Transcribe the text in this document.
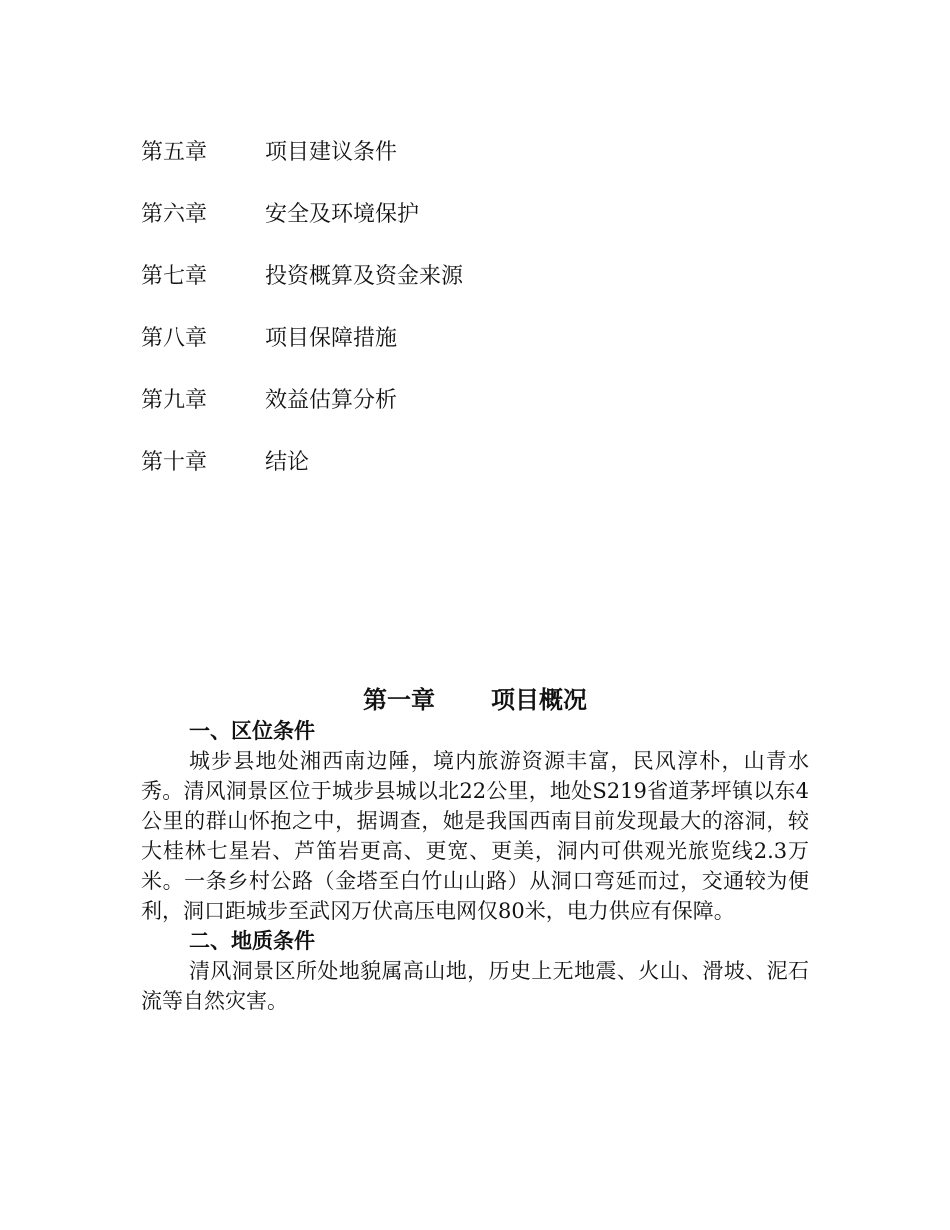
第五章	项目建议条件
第六章	安全及环境保护
第七章	投资概算及资金来源
第八章	项目保障措施
第九章	效益估算分析
第十章	结论
第一章 项目概况

一、区位条件

城步县地处湘西南边陲，境内旅游资源丰富，民风淳朴，山青水秀。清风洞景区位于城步县城以北22公里，地处S219省道茅坪镇以东4公里的群山怀抱之中，据调查，她是我国西南目前发现最大的溶洞，较大桂林七星岩、芦笛岩更高、更宽、更美，洞内可供观光旅览线2.3万米。一条乡村公路（金塔至白竹山山路）从洞口弯延而过，交通较为便利，洞口距城步至武冈万伏高压电网仅80米，电力供应有保障。

二、地质条件

清风洞景区所处地貌属高山地，历史上无地震、火山、滑坡、泥石流等自然灾害。
